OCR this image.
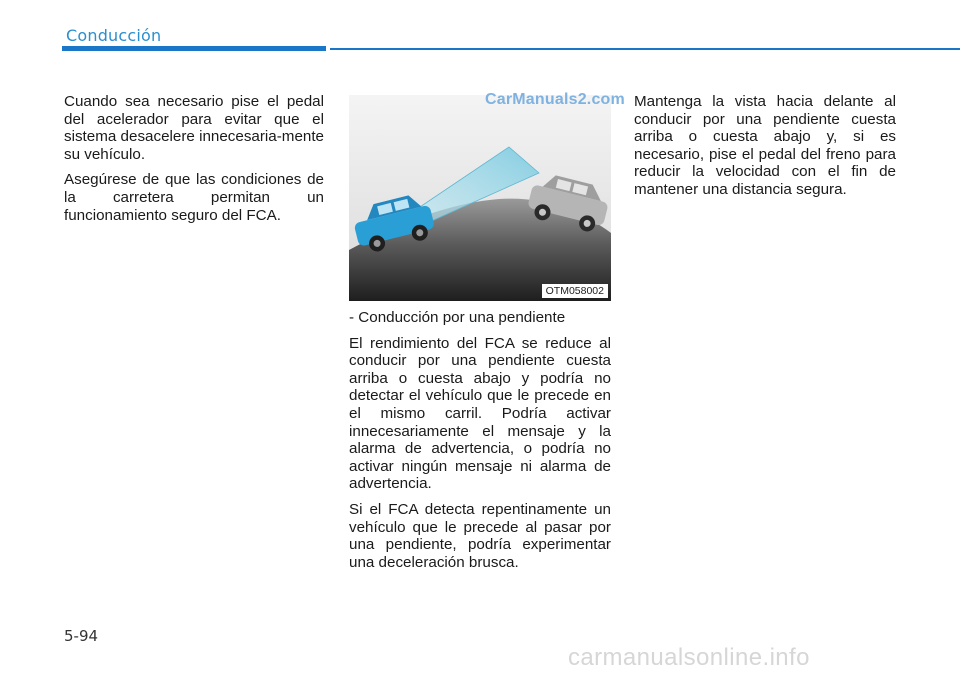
Conducción

Cuando sea necesario pise el pedal del acelerador para evitar que el sistema desacelere innecesaria-mente su vehículo.

Asegúrese de que las condiciones de la carretera permitan un funcionamiento seguro del FCA.

OTM058002
CarManuals2.com

- Conducción por una pendiente

El rendimiento del FCA se reduce al conducir por una pendiente cuesta arriba o cuesta abajo y podría no detectar el vehículo que le precede en el mismo carril. Podría activar innecesariamente el mensaje y la alarma de advertencia, o podría no activar ningún mensaje ni alarma de advertencia.

Si el FCA detecta repentinamente un vehículo que le precede al pasar por una pendiente, podría experimentar una deceleración brusca.

Mantenga la vista hacia delante al conducir por una pendiente cuesta arriba o cuesta abajo y, si es necesario, pise el pedal del freno para reducir la velocidad con el fin de mantener una distancia segura.

5-94
carmanualsonline.info
